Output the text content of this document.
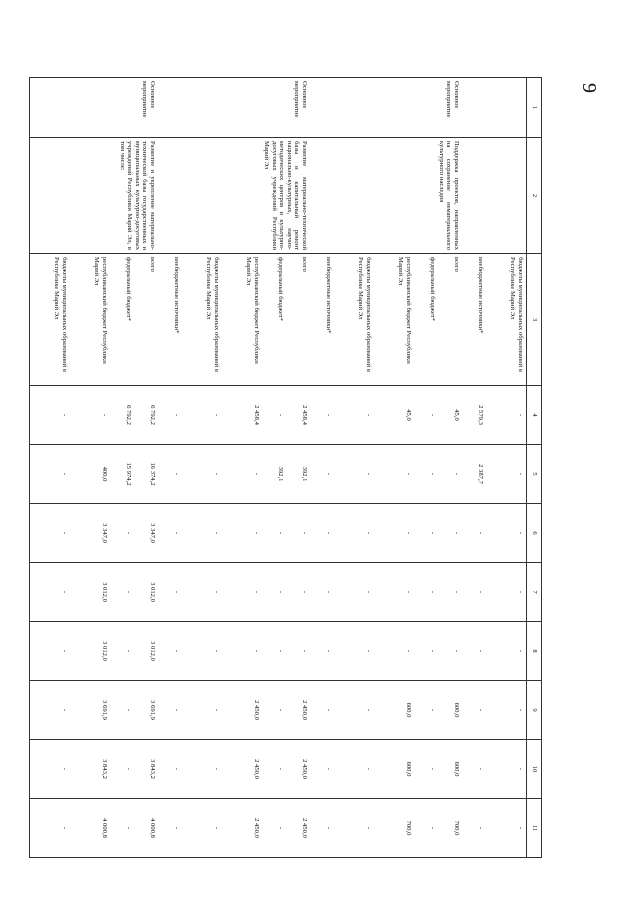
9
1	2	3	4	5	6	7	8	9	10	11
		бюджеты муниципальных образований в Республике Марий Эл	-	-	-	-	-	-	-	-
		внебюджетные источники*	2 579,3	2 387,7	-	-	-	-	-	-
Основное мероприятие	Поддержка проектов, направленных на сохранение нематериального культурного наследия	всего	45,0	-	-	-	-	600,0	600,0	700,0
		федеральный бюджет*	-	-	-	-	-	-	-	-
		республиканский бюджет Республики Марий Эл	45,0	-	-	-	-	600,0	600,0	700,0
		бюджеты муниципальных образований в Республике Марий Эл	-	-	-	-	-	-	-	-
		внебюджетные источники*	-	-	-	-	-	-	-	-
Основное мероприятие	Развитие материально-технической базы и капитальный ремонт национально-культурных, научно-методических центров и культурно-досуговых учреждений Республики Марий Эл	всего	2 458,4	392,1	-	-	-	2 450,0	2 450,0	2 450,0
		федеральный бюджет*	-	392,1	-	-	-	-	-	-
		республиканский бюджет Республики Марий Эл	2 458,4	-	-	-	-	2 450,0	2 450,0	2 450,0
		бюджеты муниципальных образований в Республике Марий Эл	-	-	-	-	-	-	-	-
		внебюджетные источники*	-	-	-	-	-	-	-	-
Основное мероприятие	Развитие и укрепление материально-технической базы государственных и муниципальных культурно-досуговых учреждений Республики Марий Эл, в том числе:	всего	6 792,2	16 374,2	3 347,0	3 012,0	3 012,0	3 691,9	3 843,2	4 000,8
		федеральный бюджет*	6 792,2	15 974,2	-	-	-	-	-	-
		республиканский бюджет Республики Марий Эл	-	400,0	3 347,0	3 012,0	3 012,0	3 691,9	3 843,2	4 000,8
		бюджеты муниципальных образований в Республике Марий Эл	-	-	-	-	-	-	-	-
